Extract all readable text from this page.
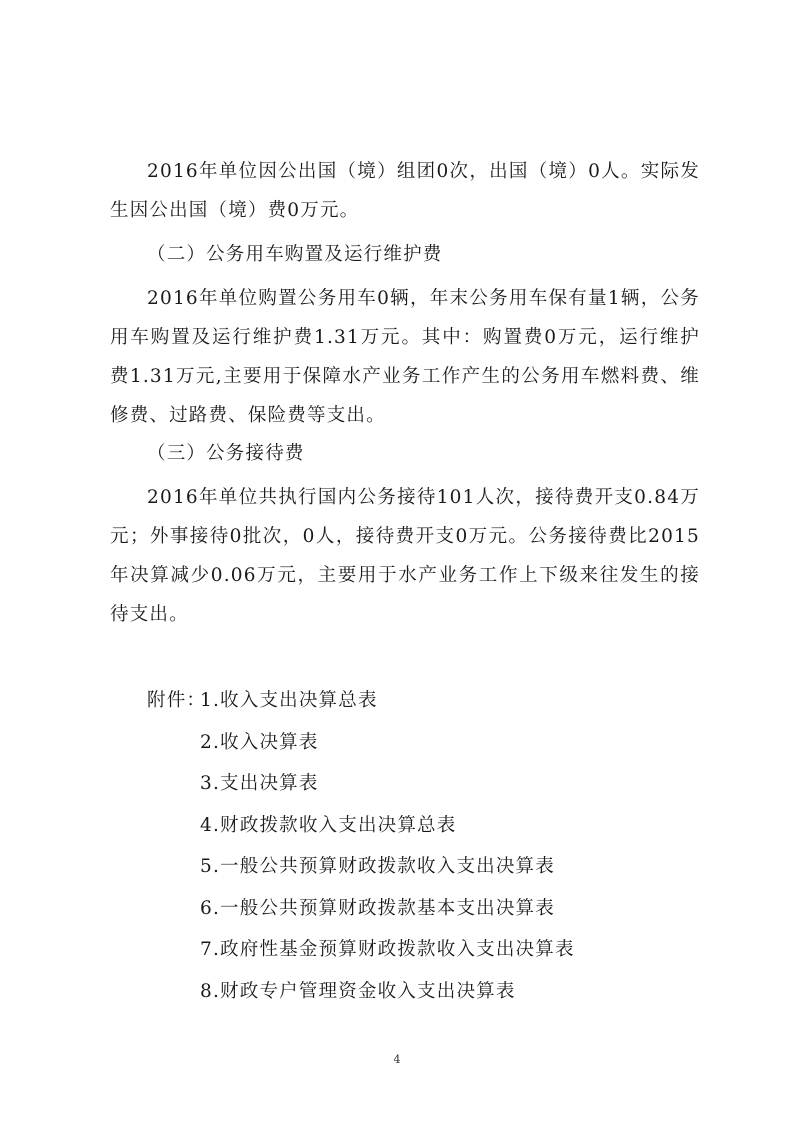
2016年单位因公出国（境）组团0次，出国（境）0人。实际发生因公出国（境）费0万元。

（二）公务用车购置及运行维护费

2016年单位购置公务用车0辆，年末公务用车保有量1辆，公务用车购置及运行维护费1.31万元。其中：购置费0万元，运行维护费1.31万元,主要用于保障水产业务工作产生的公务用车燃料费、维修费、过路费、保险费等支出。

（三）公务接待费

2016年单位共执行国内公务接待101人次，接待费开支0.84万元；外事接待0批次，0人，接待费开支0万元。公务接待费比2015年决算减少0.06万元，主要用于水产业务工作上下级来往发生的接待支出。

附件：
1.收入支出决算总表
2.收入决算表
3.支出决算表
4.财政拨款收入支出决算总表
5.一般公共预算财政拨款收入支出决算表
6.一般公共预算财政拨款基本支出决算表
7.政府性基金预算财政拨款收入支出决算表
8.财政专户管理资金收入支出决算表
4
